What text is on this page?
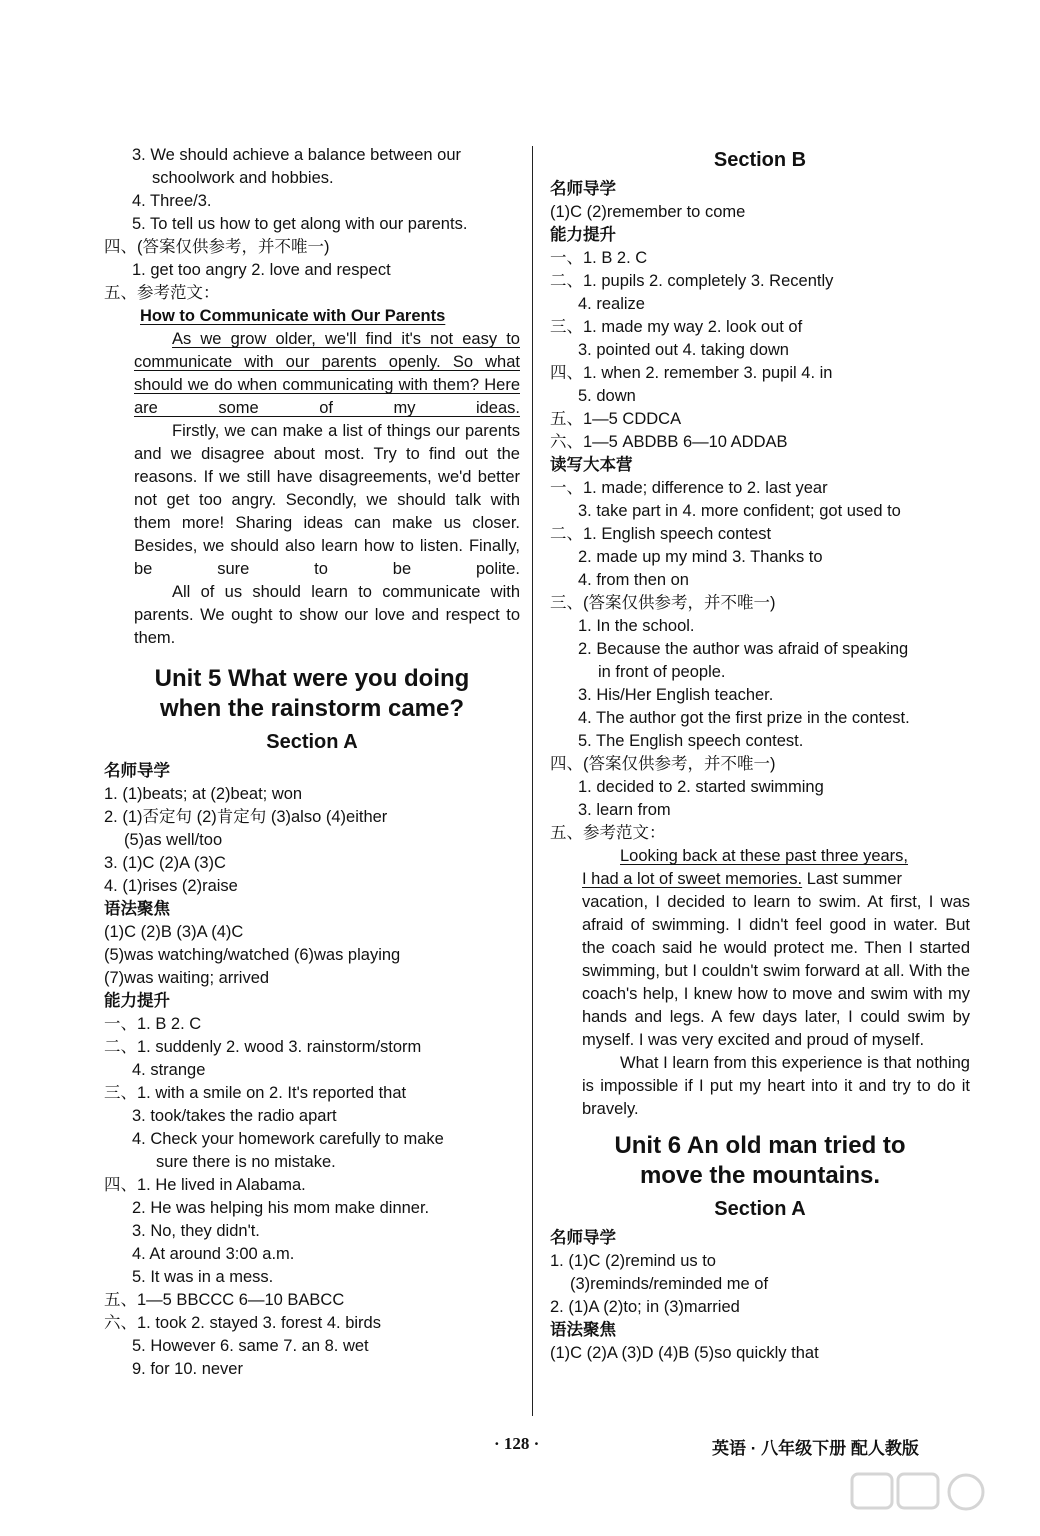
3. We should achieve a balance between our
schoolwork and hobbies.
4. Three/3.
5. To tell us how to get along with our parents.
四、(答案仅供参考，并不唯一)
1. get too angry 2. love and respect
五、参考范文：
How to Communicate with Our Parents
As we grow older, we'll find it's not easy to communicate with our parents openly. So what should we do when communicating with them? Here are some of my ideas.
Firstly, we can make a list of things our parents and we disagree about most. Try to find out the reasons. If we still have disagreements, we'd better not get too angry. Secondly, we should talk with them more! Sharing ideas can make us closer. Besides, we should also learn how to listen. Finally, be sure to be polite.
All of us should learn to communicate with parents. We ought to show our love and respect to them.
Unit 5 What were you doing
when the rainstorm came?
Section A
名师导学
1. (1)beats; at (2)beat; won
2. (1)否定句 (2)肯定句 (3)also (4)either
(5)as well/too
3. (1)C (2)A (3)C
4. (1)rises (2)raise
语法聚焦
(1)C (2)B (3)A (4)C
(5)was watching/watched (6)was playing
(7)was waiting; arrived
能力提升
一、1. B 2. C
二、1. suddenly 2. wood 3. rainstorm/storm
4. strange
三、1. with a smile on 2. It's reported that
3. took/takes the radio apart
4. Check your homework carefully to make
sure there is no mistake.
四、1. He lived in Alabama.
2. He was helping his mom make dinner.
3. No, they didn't.
4. At around 3:00 a.m.
5. It was in a mess.
五、1—5 BBCCC 6—10 BABCC
六、1. took 2. stayed 3. forest 4. birds
5. However 6. same 7. an 8. wet
9. for 10. never
Section B
名师导学
(1)C (2)remember to come
能力提升
一、1. B 2. C
二、1. pupils 2. completely 3. Recently
4. realize
三、1. made my way 2. look out of
3. pointed out 4. taking down
四、1. when 2. remember 3. pupil 4. in
5. down
五、1—5 CDDCA
六、1—5 ABDBB 6—10 ADDAB
读写大本营
一、1. made; difference to 2. last year
3. take part in 4. more confident; got used to
二、1. English speech contest
2. made up my mind 3. Thanks to
4. from then on
三、(答案仅供参考，并不唯一)
1. In the school.
2. Because the author was afraid of speaking
in front of people.
3. His/Her English teacher.
4. The author got the first prize in the contest.
5. The English speech contest.
四、(答案仅供参考，并不唯一)
1. decided to 2. started swimming
3. learn from
五、参考范文：
Looking back at these past three years,
I had a lot of sweet memories. Last summer
vacation, I decided to learn to swim. At first, I was afraid of swimming. I didn't feel good in water. But the coach said he would protect me. Then I started swimming, but I couldn't swim forward at all. With the coach's help, I knew how to move and swim with my hands and legs. A few days later, I could swim by myself. I was very excited and proud of myself.
What I learn from this experience is that nothing is impossible if I put my heart into it and try to do it bravely.
Unit 6 An old man tried to
move the mountains.
Section A
名师导学
1. (1)C (2)remind us to
(3)reminds/reminded me of
2. (1)A (2)to; in (3)married
语法聚焦
(1)C (2)A (3)D (4)B (5)so quickly that
· 128 ·	英语 · 八年级下册 配人教版
